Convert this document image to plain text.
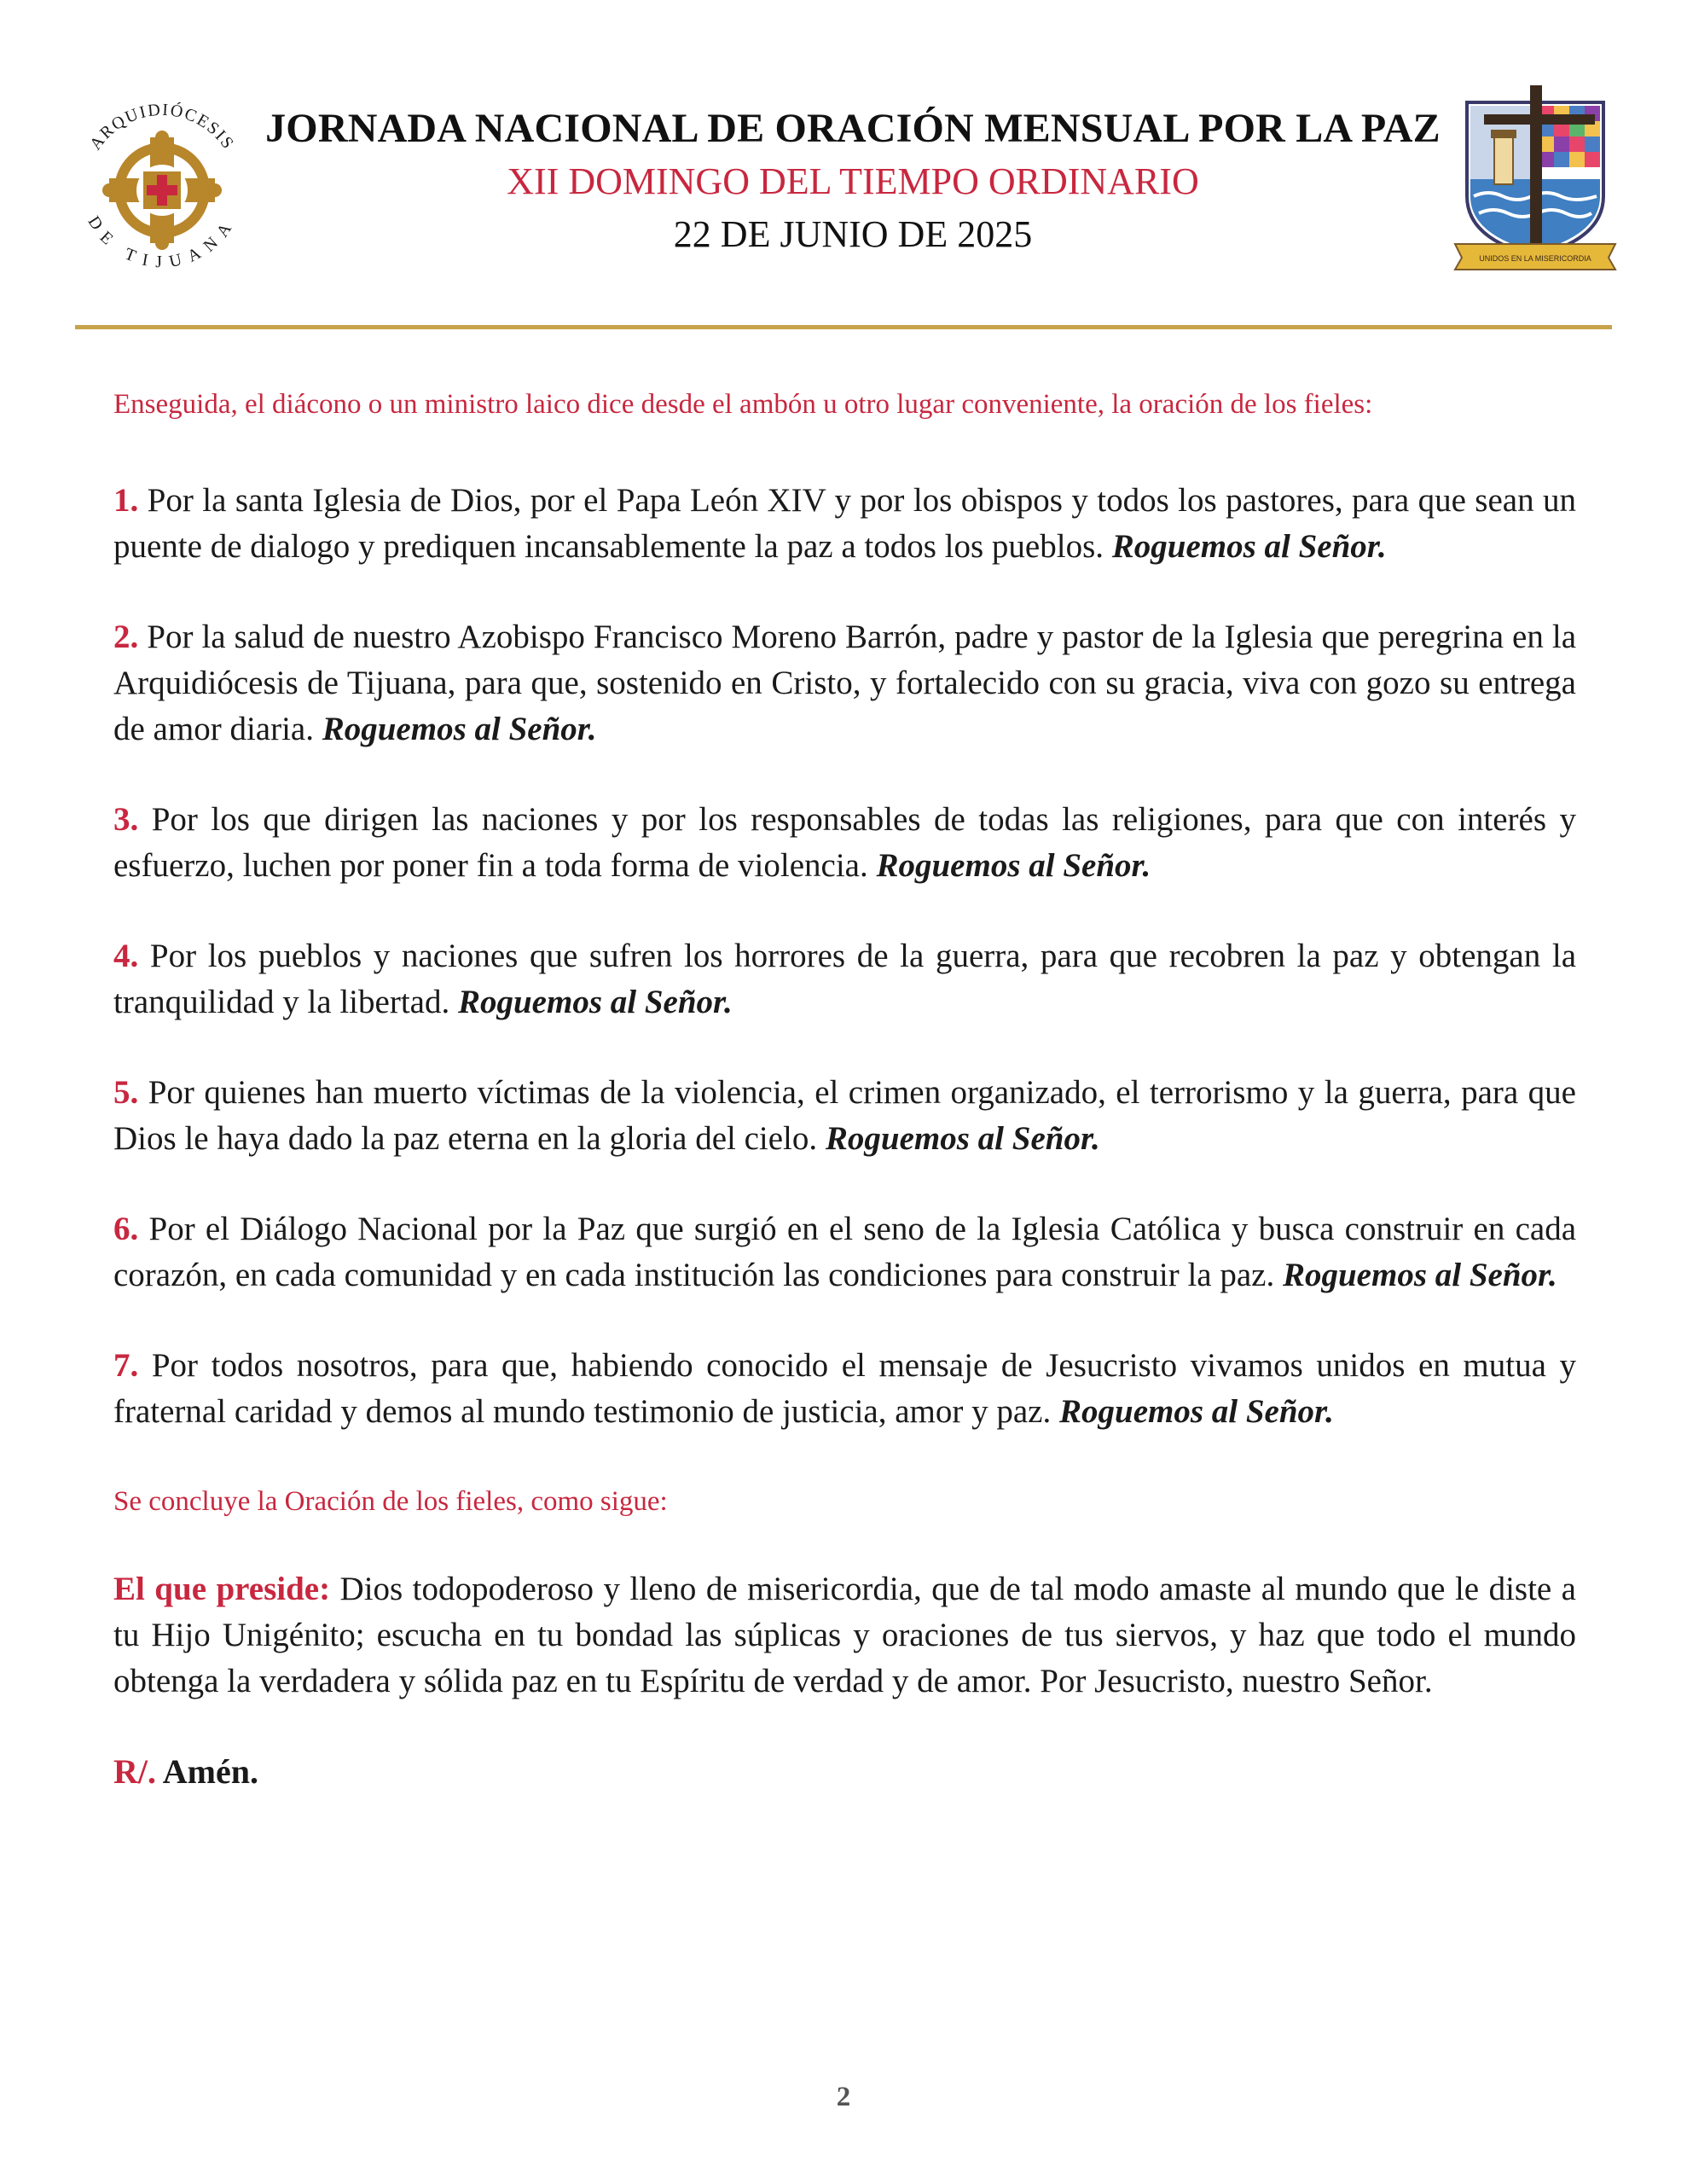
ARQUIDIÓCESIS
DE TIJUANA
JORNADA NACIONAL DE ORACIÓN MENSUAL POR LA PAZ
XII DOMINGO DEL TIEMPO ORDINARIO
22 DE JUNIO DE 2025
UNIDOS EN LA MISERICORDIA

Enseguida, el diácono o un ministro laico dice desde el ambón u otro lugar conveniente, la oración de los fieles:

1. Por la santa Iglesia de Dios, por el Papa León XIV y por los obispos y todos los pastores, para que sean un puente de dialogo y prediquen incansablemente la paz a todos los pueblos. Roguemos al Señor.

2. Por la salud de nuestro Azobispo Francisco Moreno Barrón, padre y pastor de la Iglesia que peregrina en la Arquidiócesis de Tijuana, para que, sostenido en Cristo, y fortalecido con su gracia, viva con gozo su entrega de amor diaria. Roguemos al Señor.

3. Por los que dirigen las naciones y por los responsables de todas las religiones, para que con interés y esfuerzo, luchen por poner fin a toda forma de violencia. Roguemos al Señor.

4. Por los pueblos y naciones que sufren los horrores de la guerra, para que recobren la paz y obtengan la tranquilidad y la libertad. Roguemos al Señor.

5. Por quienes han muerto víctimas de la violencia, el crimen organizado, el terrorismo y la guerra, para que Dios le haya dado la paz eterna en la gloria del cielo. Roguemos al Señor.

6. Por el Diálogo Nacional por la Paz que surgió en el seno de la Iglesia Católica y busca construir en cada corazón, en cada comunidad y en cada institución las condiciones para construir la paz. Roguemos al Señor.

7. Por todos nosotros, para que, habiendo conocido el mensaje de Jesucristo vivamos unidos en mutua y fraternal caridad y demos al mundo testimonio de justicia, amor y paz. Roguemos al Señor.

Se concluye la Oración de los fieles, como sigue:

El que preside: Dios todopoderoso y lleno de misericordia, que de tal modo amaste al mundo que le diste a tu Hijo Unigénito; escucha en tu bondad las súplicas y oraciones de tus siervos, y haz que todo el mundo obtenga la verdadera y sólida paz en tu Espíritu de verdad y de amor. Por Jesucristo, nuestro Señor.

R/. Amén.

2
